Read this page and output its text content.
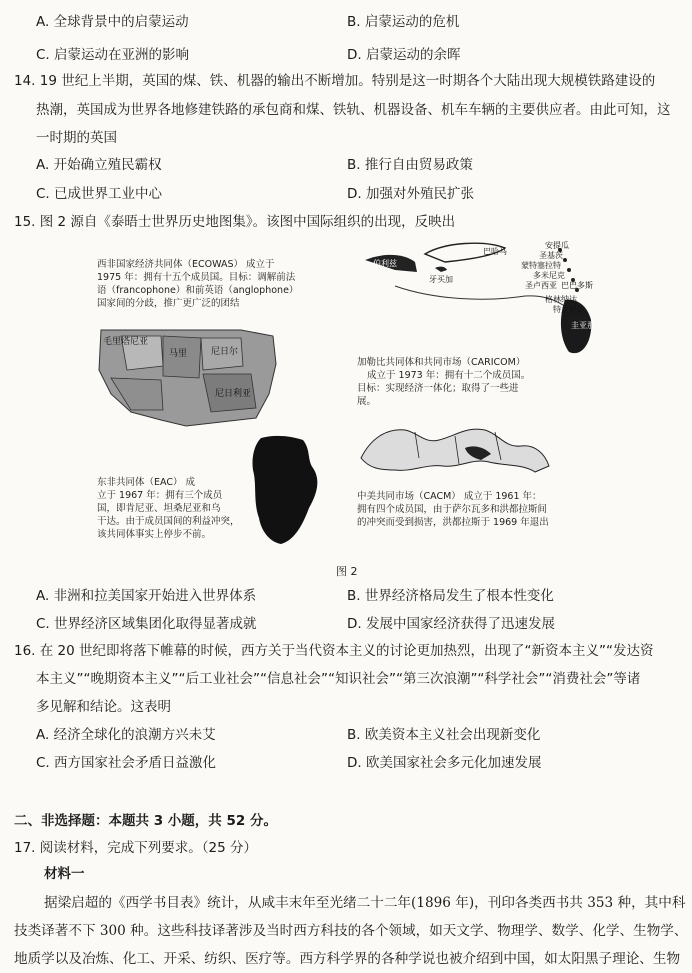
A. 全球背景中的启蒙运动	B. 启蒙运动的危机
C. 启蒙运动在亚洲的影响	D. 启蒙运动的余晖
14. 19 世纪上半期，英国的煤、铁、机器的输出不断增加。特别是这一时期各个大陆出现大规模铁路建设的
热潮，英国成为世界各地修建铁路的承包商和煤、铁轨、机器设备、机车车辆的主要供应者。由此可知，这
一时期的英国
A. 开始确立殖民霸权	B. 推行自由贸易政策
C. 已成世界工业中心	D. 加强对外殖民扩张
15. 图 2 源自《泰晤士世界历史地图集》。该图中国际组织的出现，反映出
西非国家经济共同体（ECOWAS） 成立于
1975 年：拥有十五个成员国。目标：调解前法
语（francophone）和前英语（anglophone）
国家间的分歧，推广更广泛的团结
毛里塔尼亚
马里	尼日尔
尼日利亚
伯利兹
牙买加
安提瓜
圣基茨
蒙特塞拉特
多米尼克
圣卢西亚 巴巴多斯
格林纳达
特立尼达
圭亚那
巴哈马
加勒比共同体和共同市场（CARICOM）
成立于 1973 年：拥有十二个成员国。
目标：实现经济一体化；取得了一些进
展。
东非共同体（EAC） 成
立于 1967 年：拥有三个成员
国，即肯尼亚、坦桑尼亚和乌
干达。由于成员国间的利益冲突，
该共同体事实上停步不前。
中美共同市场（CACM） 成立于 1961 年：
拥有四个成员国，由于萨尔瓦多和洪都拉斯间
的冲突而受到损害，洪都拉斯于 1969 年退出
图 2
A. 非洲和拉美国家开始进入世界体系	B. 世界经济格局发生了根本性变化
C. 世界经济区域集团化取得显著成就	D. 发展中国家经济获得了迅速发展
16. 在 20 世纪即将落下帷幕的时候，西方关于当代资本主义的讨论更加热烈，出现了“新资本主义”“发达资
本主义”“晚期资本主义”“后工业社会”“信息社会”“知识社会”“第三次浪潮”“科学社会”“消费社会”等诸
多见解和结论。这表明
A. 经济全球化的浪潮方兴未艾	B. 欧美资本主义社会出现新变化
C. 西方国家社会矛盾日益激化	D. 欧美国家社会多元化加速发展
二、非选择题：本题共 3 小题，共 52 分。
17. 阅读材料，完成下列要求。（25 分）
材料一
据梁启超的《西学书目表》统计，从咸丰末年至光绪二十二年(1896 年)，刊印各类西书共 353 种，其中科
技类译著不下 300 种。这些科技译著涉及当时西方科技的各个领域，如天文学、物理学、数学、化学、生物学、
地质学以及冶炼、化工、开采、纺织、医疗等。西方科学界的各种学说也被介绍到中国，如太阳黑子理论、生物
